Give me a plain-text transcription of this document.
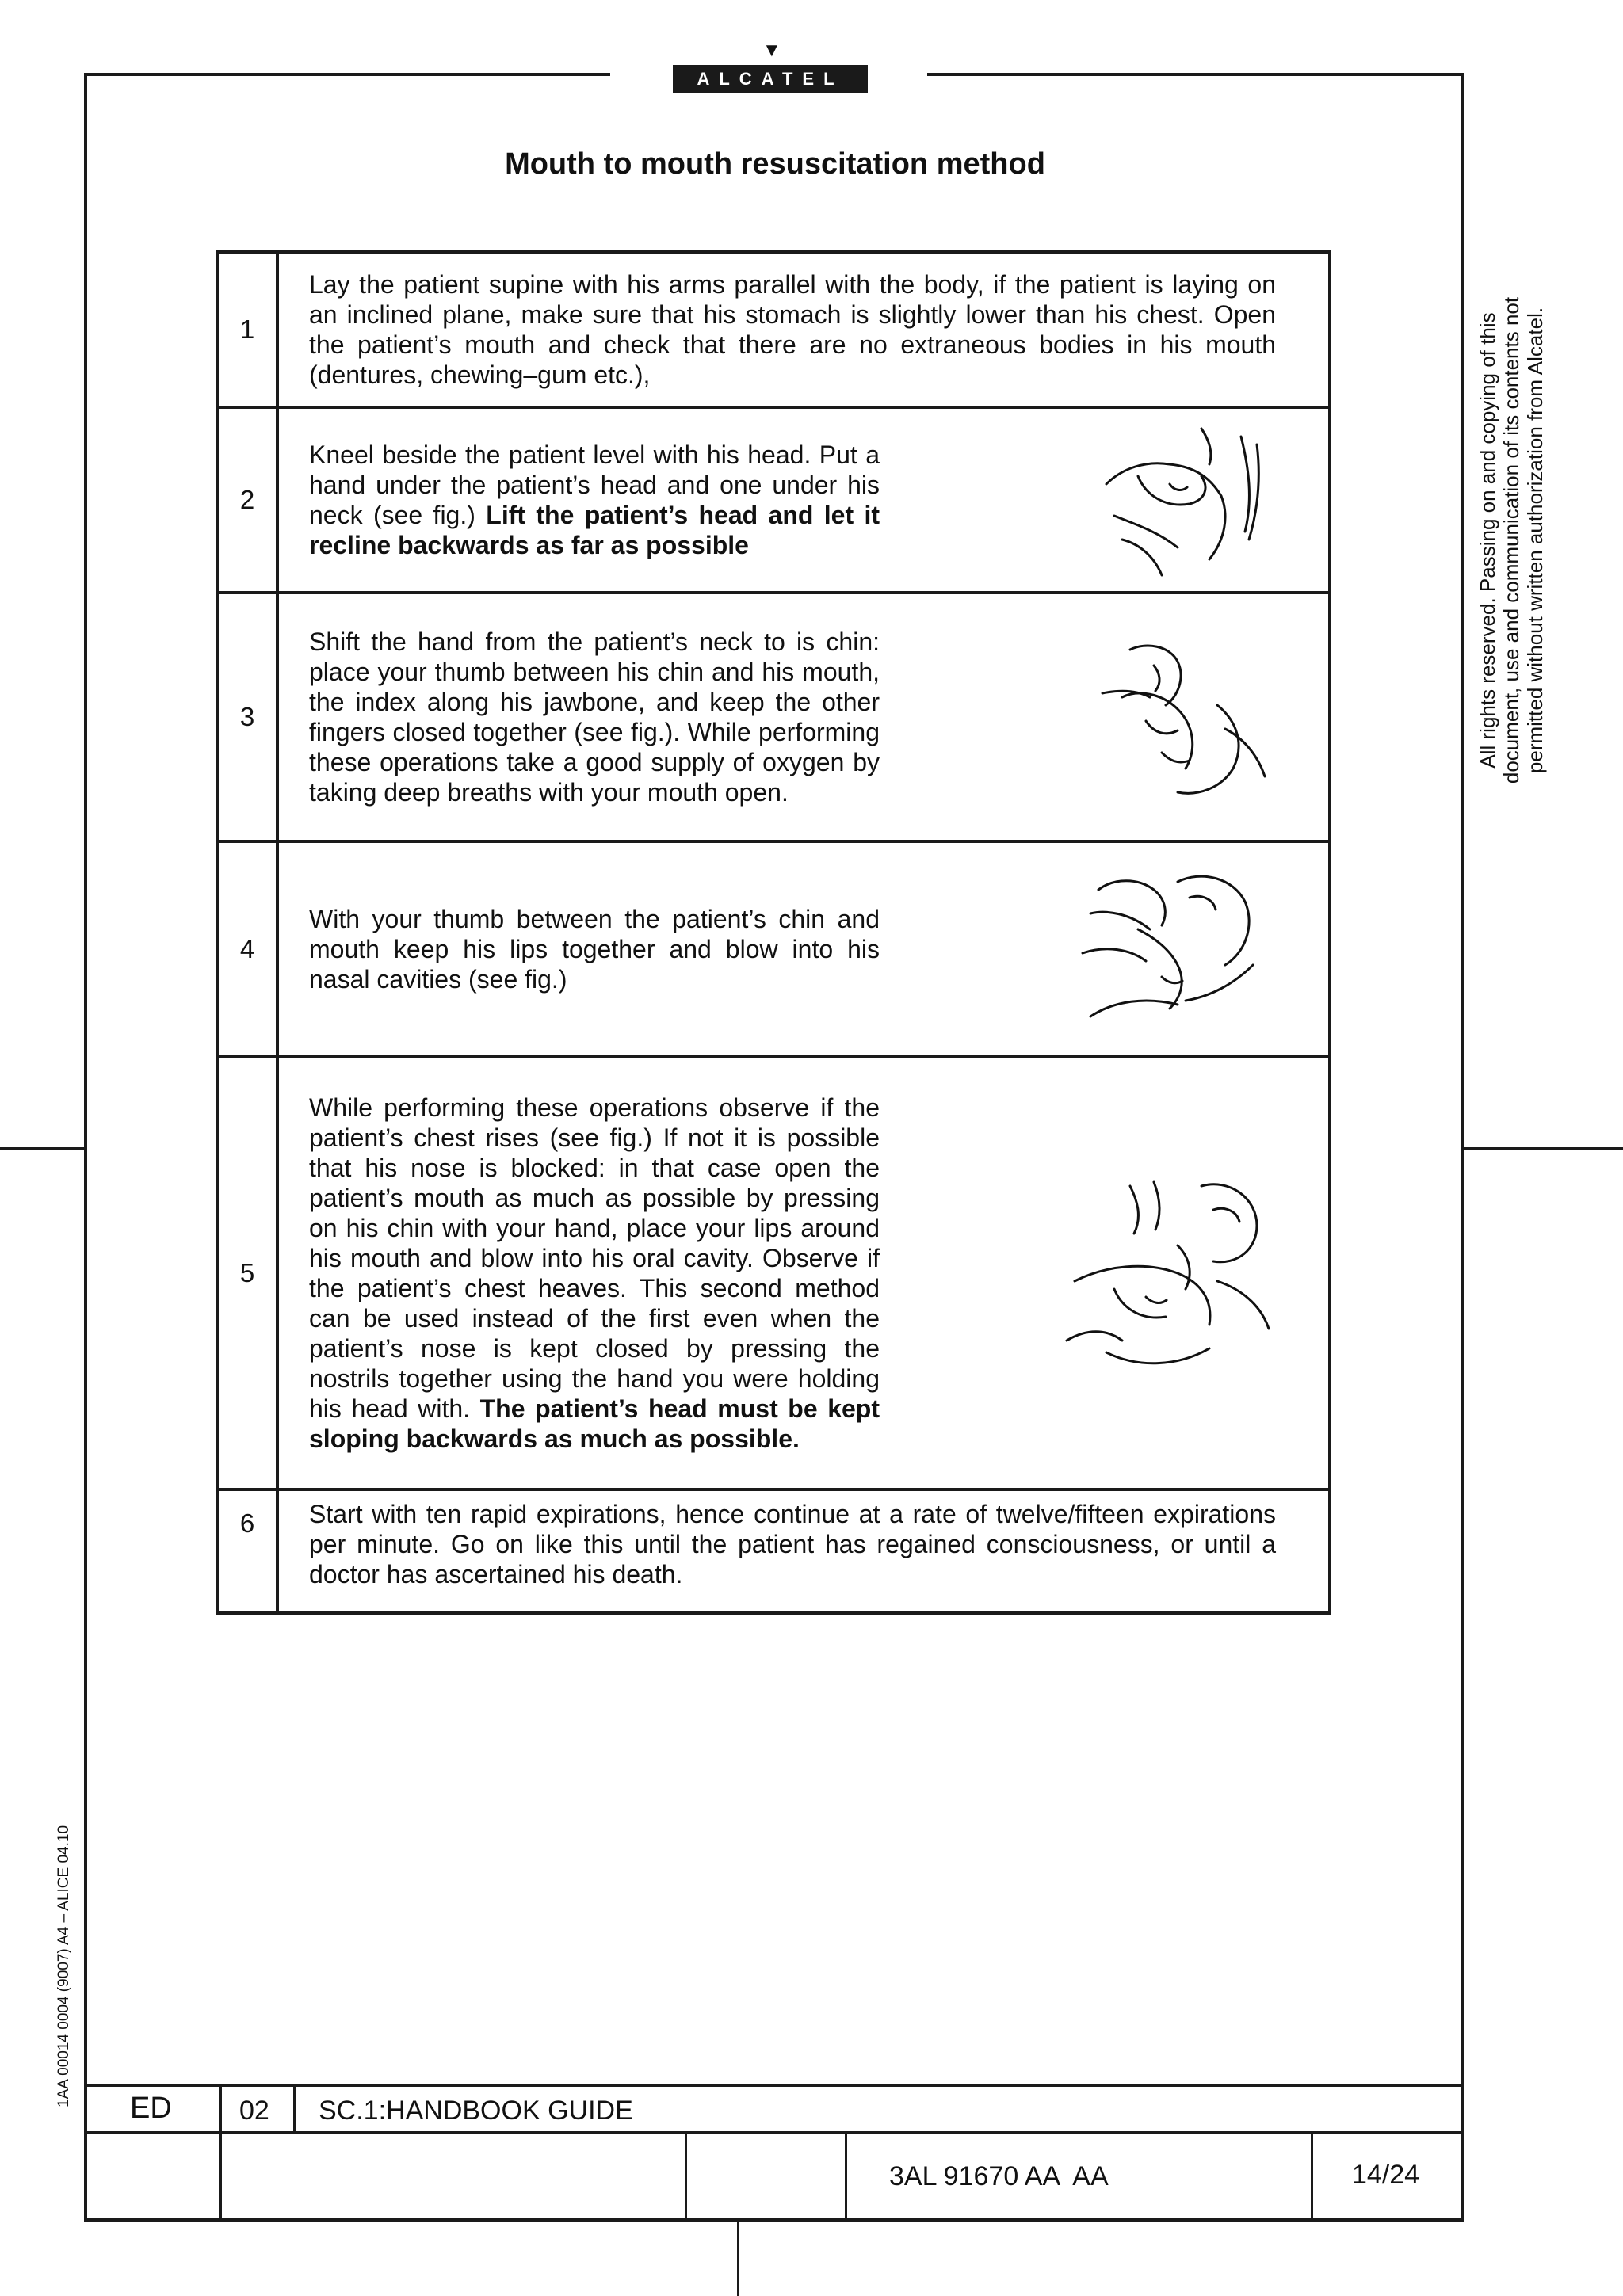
▼
ALCATEL
Mouth to mouth resuscitation method
1	Lay the patient supine with his arms parallel with the body, if the patient is laying on an inclined plane, make sure that his stomach is slightly lower than his chest. Open the patient’s mouth and check that there are no extraneous bodies in his mouth (dentures, chewing–gum etc.),
2	Kneel beside the patient level with his head. Put a hand under the patient’s head and one under his neck (see fig.) Lift the patient’s head and let it recline backwards as far as possible

3	Shift the hand from the patient’s neck to is chin: place your thumb between his chin and his mouth, the index along his jawbone, and keep the other fingers closed together (see fig.). While performing these operations take a good supply of oxygen by taking deep breaths with your mouth open.

4	With your thumb between the patient’s chin and mouth keep his lips together and blow into his nasal cavities (see fig.)

5	While performing these operations observe if the patient’s chest rises (see fig.) If not it is possible that his nose is blocked: in that case open the patient’s mouth as much as possible by pressing on his chin with your hand, place your lips around his mouth and blow into his oral cavity. Observe if the patient’s chest heaves. This second method can be used instead of the first even when the patient’s nose is kept closed by pressing the nostrils together using the hand you were holding his head with. The patient’s head must be kept sloping backwards as much as possible.

6	Start with ten rapid expirations, hence continue at a rate of twelve/fifteen expirations per minute. Go on like this until the patient has regained consciousness, or until a doctor has ascertained his death.
All rights reserved. Passing on and copying of this document, use and communication of its contents not permitted without written authorization from Alcatel.
1AA 00014 0004 (9007) A4 – ALICE 04.10
ED	02 SC.1:HANDBOOK GUIDE
3AL 91670 AA  AA	14/24
